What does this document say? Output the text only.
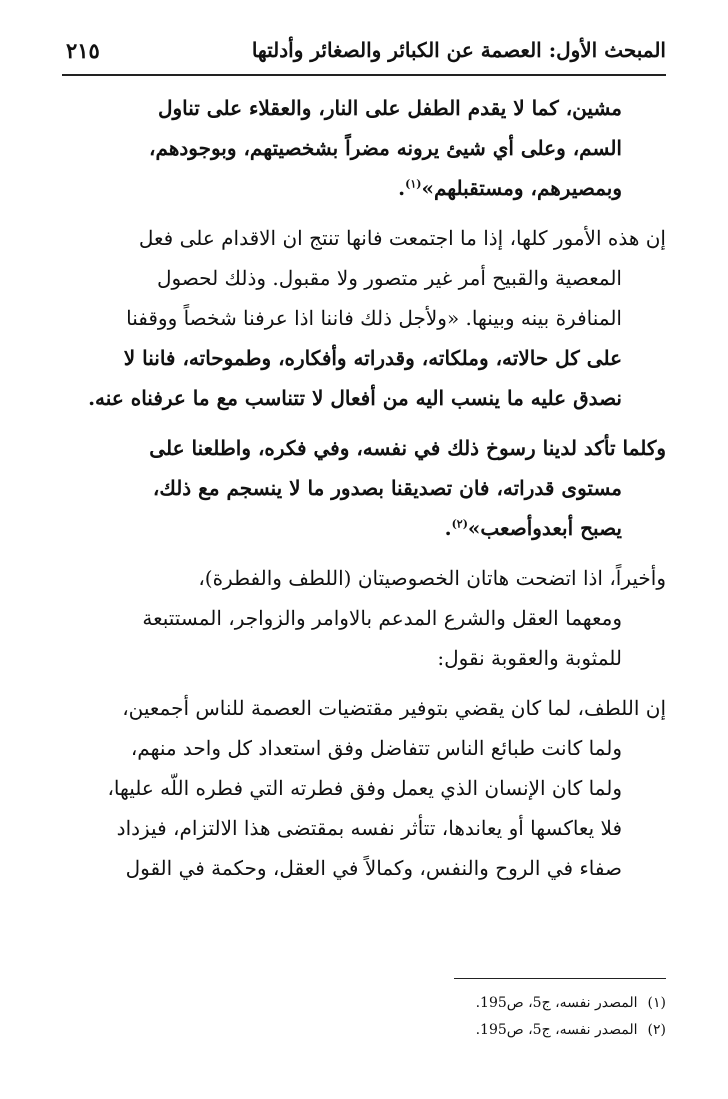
المبحث الأول: العصمة عن الكبائر والصغائر وأدلتها
٢١٥
مشين، كما لا يقدم الطفل على النار، والعقلاء على تناول
السم، وعلى أي شيئ يرونه مضراً بشخصيتهم، وبوجودهم،
وبمصيرهم، ومستقبلهم»$^{(١)}$.
إن هذه الأمور كلها، إذا ما اجتمعت فانها تنتج ان الاقدام على فعل
المعصية والقبيح أمر غير متصور ولا مقبول. وذلك لحصول
المنافرة بينه وبينها. «ولأجل ذلك فاننا اذا عرفنا شخصاً ووقفنا
على كل حالاته، وملكاته، وقدراته وأفكاره، وطموحاته، فاننا لا
نصدق عليه ما ينسب اليه من أفعال لا تتناسب مع ما عرفناه عنه.
وكلما تأكد لدينا رسوخ ذلك في نفسه، وفي فكره، واطلعنا على
مستوى قدراته، فان تصديقنا بصدور ما لا ينسجم مع ذلك،
يصبح أبعدوأصعب»$^{(٢)}$.
وأخيراً، اذا اتضحت هاتان الخصوصيتان (اللطف والفطرة)،
ومعهما العقل والشرع المدعم بالاوامر والزواجر، المستتبعة
للمثوبة والعقوبة نقول:
إن اللطف، لما كان يقضي بتوفير مقتضيات العصمة للناس أجمعين،
ولما كانت طبائع الناس تتفاضل وفق استعداد كل واحد منهم،
ولما كان الإنسان الذي يعمل وفق فطرته التي فطره اللّه عليها،
فلا يعاكسها أو يعاندها، تتأثر نفسه بمقتضى هذا الالتزام، فيزداد
صفاء في الروح والنفس، وكمالاً في العقل، وحكمة في القول
(١)المصدر نفسه، ج5، ص195.
(٢)المصدر نفسه، ج5، ص195.
